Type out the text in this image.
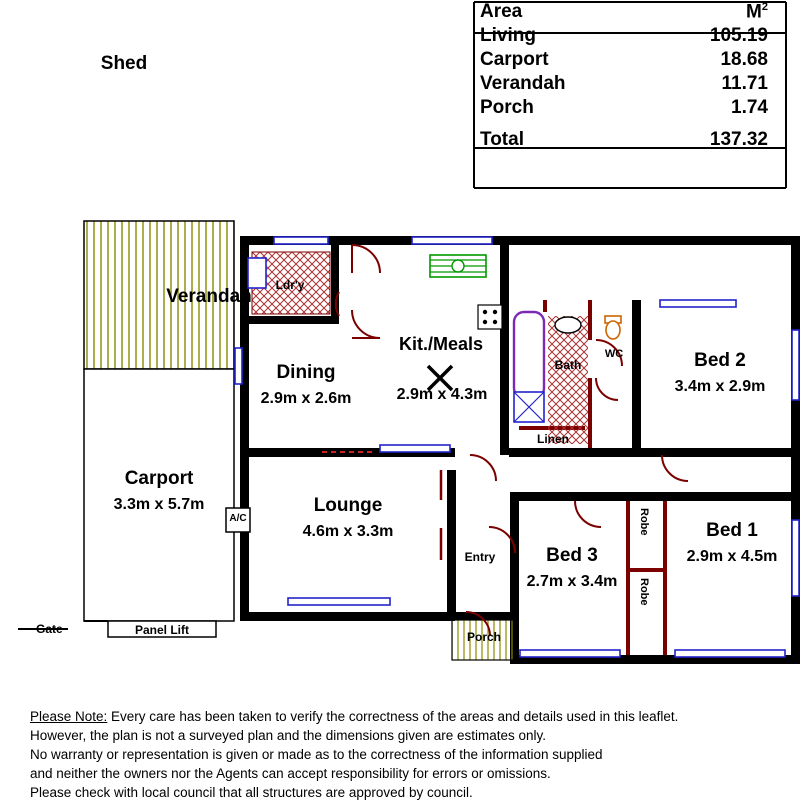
Area	$M^2$
Living	105.19
Carport	18.68
Verandah	11.71
Porch	1.74
Total	137.32
Shed
Verandah
Carport
3.3m x 5.7m
Dining
2.9m x 2.6m
Kit./Meals
2.9m x 4.3m
Lounge
4.6m x 3.3m
Bed 2
3.4m x 2.9m
Bed 1
2.9m x 4.5m
Bed 3
2.7m x 3.4m
Ldr'y
Bath
WC
Linen
Robe
Robe
Entry
Porch
A/C
Gate	Panel Lift
Please Note: Every care has been taken to verify the correctness of the areas and details used in this leaflet.
However, the plan is not a surveyed plan and the dimensions given are estimates only.
No warranty or representation is given or made as to the correctness of the information supplied
and neither the owners nor the Agents can accept responsibility for errors or omissions.
Please check with local council that all structures are approved by council.
